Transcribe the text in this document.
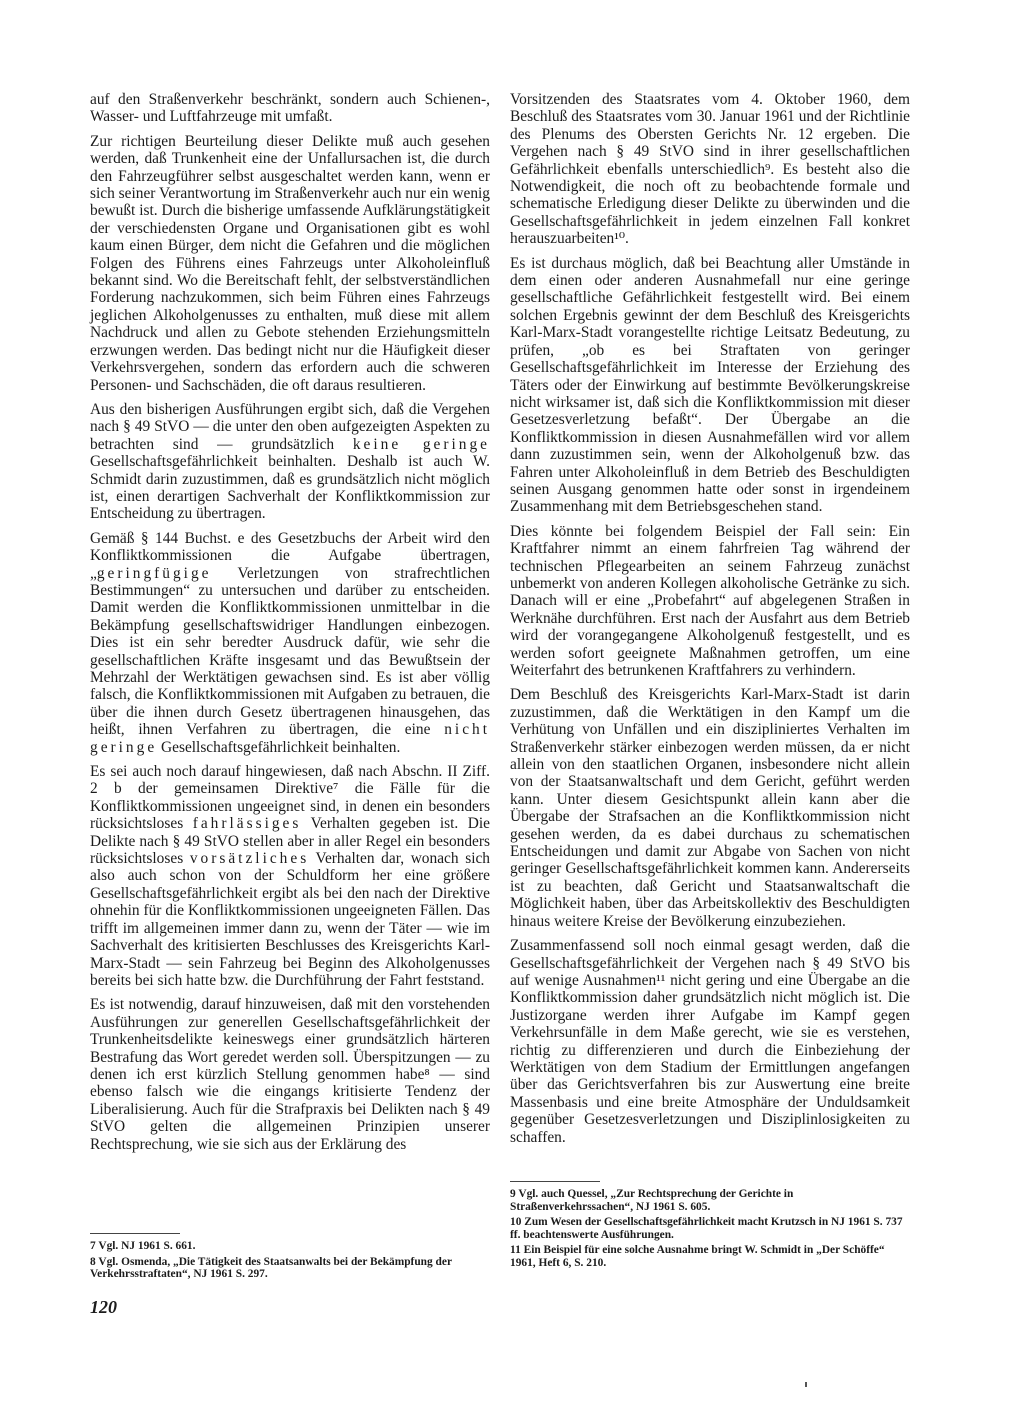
auf den Straßenverkehr beschränkt, sondern auch Schienen-, Wasser- und Luftfahrzeuge mit umfaßt.

Zur richtigen Beurteilung dieser Delikte muß auch gesehen werden, daß Trunkenheit eine der Unfallursachen ist, die durch den Fahrzeugführer selbst ausgeschaltet werden kann, wenn er sich seiner Verantwortung im Straßenverkehr auch nur ein wenig bewußt ist. Durch die bisherige umfassende Aufklärungstätigkeit der verschiedensten Organe und Organisationen gibt es wohl kaum einen Bürger, dem nicht die Gefahren und die möglichen Folgen des Führens eines Fahrzeugs unter Alkoholeinfluß bekannt sind. Wo die Bereitschaft fehlt, der selbstverständlichen Forderung nachzukommen, sich beim Führen eines Fahrzeugs jeglichen Alkoholgenusses zu enthalten, muß diese mit allem Nachdruck und allen zu Gebote stehenden Erziehungsmitteln erzwungen werden. Das bedingt nicht nur die Häufigkeit dieser Verkehrsvergehen, sondern das erfordern auch die schweren Personen- und Sachschäden, die oft daraus resultieren.

Aus den bisherigen Ausführungen ergibt sich, daß die Vergehen nach § 49 StVO — die unter den oben aufgezeigten Aspekten zu betrachten sind — grundsätzlich keine geringe Gesellschaftsgefährlichkeit beinhalten. Deshalb ist auch W. Schmidt darin zuzustimmen, daß es grundsätzlich nicht möglich ist, einen derartigen Sachverhalt der Konfliktkommission zur Entscheidung zu übertragen.

Gemäß § 144 Buchst. e des Gesetzbuchs der Arbeit wird den Konfliktkommissionen die Aufgabe übertragen, „geringfügige Verletzungen von strafrechtlichen Bestimmungen“ zu untersuchen und darüber zu entscheiden. Damit werden die Konfliktkommissionen unmittelbar in die Bekämpfung gesellschaftswidriger Handlungen einbezogen. Dies ist ein sehr beredter Ausdruck dafür, wie sehr die gesellschaftlichen Kräfte insgesamt und das Bewußtsein der Mehrzahl der Werktätigen gewachsen sind. Es ist aber völlig falsch, die Konfliktkommissionen mit Aufgaben zu betrauen, die über die ihnen durch Gesetz übertragenen hinausgehen, das heißt, ihnen Verfahren zu übertragen, die eine nicht geringe Gesellschaftsgefährlichkeit beinhalten.

Es sei auch noch darauf hingewiesen, daß nach Abschn. II Ziff. 2 b der gemeinsamen Direktive⁷ die Fälle für die Konfliktkommissionen ungeeignet sind, in denen ein besonders rücksichtsloses fahrlässiges Verhalten gegeben ist. Die Delikte nach § 49 StVO stellen aber in aller Regel ein besonders rücksichtsloses vorsätzliches Verhalten dar, wonach sich also auch schon von der Schuldform her eine größere Gesellschaftsgefährlichkeit ergibt als bei den nach der Direktive ohnehin für die Konfliktkommissionen ungeeigneten Fällen. Das trifft im allgemeinen immer dann zu, wenn der Täter — wie im Sachverhalt des kritisierten Beschlusses des Kreisgerichts Karl-Marx-Stadt — sein Fahrzeug bei Beginn des Alkoholgenusses bereits bei sich hatte bzw. die Durchführung der Fahrt feststand.

Es ist notwendig, darauf hinzuweisen, daß mit den vorstehenden Ausführungen zur generellen Gesellschaftsgefährlichkeit der Trunkenheitsdelikte keineswegs einer grundsätzlich härteren Bestrafung das Wort geredet werden soll. Überspitzungen — zu denen ich erst kürzlich Stellung genommen habe⁸ — sind ebenso falsch wie die eingangs kritisierte Tendenz der Liberalisierung. Auch für die Strafpraxis bei Delikten nach § 49 StVO gelten die allgemeinen Prinzipien unserer Rechtsprechung, wie sie sich aus der Erklärung des

Vorsitzenden des Staatsrates vom 4. Oktober 1960, dem Beschluß des Staatsrates vom 30. Januar 1961 und der Richtlinie des Plenums des Obersten Gerichts Nr. 12 ergeben. Die Vergehen nach § 49 StVO sind in ihrer gesellschaftlichen Gefährlichkeit ebenfalls unterschiedlich⁹. Es besteht also die Notwendigkeit, die noch oft zu beobachtende formale und schematische Erledigung dieser Delikte zu überwinden und die Gesellschaftsgefährlichkeit in jedem einzelnen Fall konkret herauszuarbeiten¹⁰.

Es ist durchaus möglich, daß bei Beachtung aller Umstände in dem einen oder anderen Ausnahmefall nur eine geringe gesellschaftliche Gefährlichkeit festgestellt wird. Bei einem solchen Ergebnis gewinnt der dem Beschluß des Kreisgerichts Karl-Marx-Stadt vorangestellte richtige Leitsatz Bedeutung, zu prüfen, „ob es bei Straftaten von geringer Gesellschaftsgefährlichkeit im Interesse der Erziehung des Täters oder der Einwirkung auf bestimmte Bevölkerungskreise nicht wirksamer ist, daß sich die Konfliktkommission mit dieser Gesetzesverletzung befaßt“. Der Übergabe an die Konfliktkommission in diesen Ausnahmefällen wird vor allem dann zuzustimmen sein, wenn der Alkoholgenuß bzw. das Fahren unter Alkoholeinfluß in dem Betrieb des Beschuldigten seinen Ausgang genommen hatte oder sonst in irgendeinem Zusammenhang mit dem Betriebsgeschehen stand.

Dies könnte bei folgendem Beispiel der Fall sein: Ein Kraftfahrer nimmt an einem fahrfreien Tag während der technischen Pflegearbeiten an seinem Fahrzeug zunächst unbemerkt von anderen Kollegen alkoholische Getränke zu sich. Danach will er eine „Probefahrt“ auf abgelegenen Straßen in Werknähe durchführen. Erst nach der Ausfahrt aus dem Betrieb wird der vorangegangene Alkoholgenuß festgestellt, und es werden sofort geeignete Maßnahmen getroffen, um eine Weiterfahrt des betrunkenen Kraftfahrers zu verhindern.

Dem Beschluß des Kreisgerichts Karl-Marx-Stadt ist darin zuzustimmen, daß die Werktätigen in den Kampf um die Verhütung von Unfällen und ein diszipliniertes Verhalten im Straßenverkehr stärker einbezogen werden müssen, da er nicht allein von den staatlichen Organen, insbesondere nicht allein von der Staatsanwaltschaft und dem Gericht, geführt werden kann. Unter diesem Gesichtspunkt allein kann aber die Übergabe der Strafsachen an die Konfliktkommission nicht gesehen werden, da es dabei durchaus zu schematischen Entscheidungen und damit zur Abgabe von Sachen von nicht geringer Gesellschaftsgefährlichkeit kommen kann. Andererseits ist zu beachten, daß Gericht und Staatsanwaltschaft die Möglichkeit haben, über das Arbeitskollektiv des Beschuldigten hinaus weitere Kreise der Bevölkerung einzubeziehen.

Zusammenfassend soll noch einmal gesagt werden, daß die Gesellschaftsgefährlichkeit der Vergehen nach § 49 StVO bis auf wenige Ausnahmen¹¹ nicht gering und eine Übergabe an die Konfliktkommission daher grundsätzlich nicht möglich ist. Die Justizorgane werden ihrer Aufgabe im Kampf gegen Verkehrsunfälle in dem Maße gerecht, wie sie es verstehen, richtig zu differenzieren und durch die Einbeziehung der Werktätigen von dem Stadium der Ermittlungen angefangen über das Gerichtsverfahren bis zur Auswertung eine breite Massenbasis und eine breite Atmosphäre der Unduldsamkeit gegenüber Gesetzesverletzungen und Disziplinlosigkeiten zu schaffen.

7 Vgl. NJ 1961 S. 661.

8 Vgl. Osmenda, „Die Tätigkeit des Staatsanwalts bei der Bekämpfung der Verkehrsstraftaten“, NJ 1961 S. 297.

9 Vgl. auch Quessel, „Zur Rechtsprechung der Gerichte in Straßenverkehrssachen“, NJ 1961 S. 605.

10 Zum Wesen der Gesellschaftsgefährlichkeit macht Krutzsch in NJ 1961 S. 737 ff. beachtenswerte Ausführungen.

11 Ein Beispiel für eine solche Ausnahme bringt W. Schmidt in „Der Schöffe“ 1961, Heft 6, S. 210.

120
